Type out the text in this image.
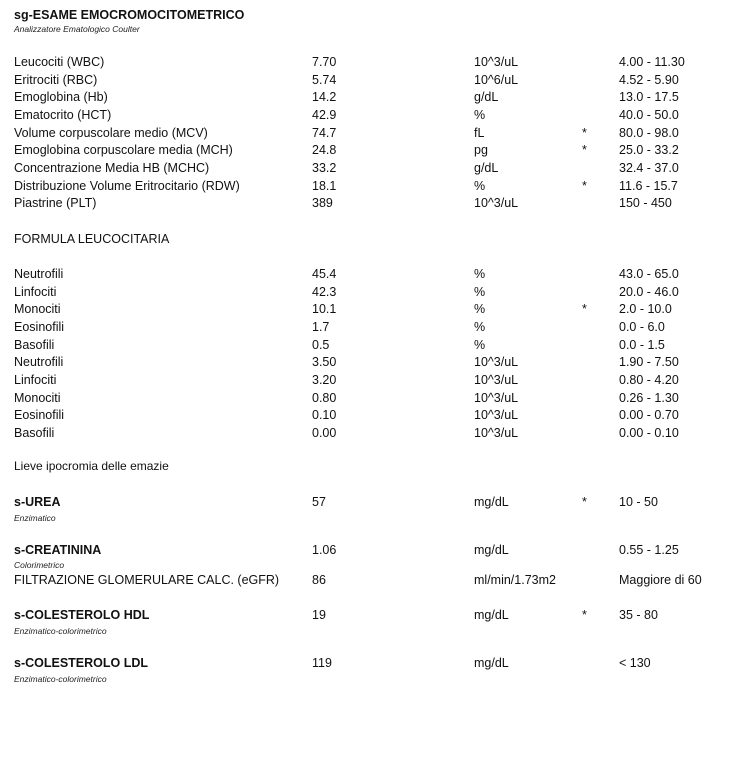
sg-ESAME EMOCROMOCITOMETRICO
Analizzatore Ematologico Coulter
Leucociti (WBC)	7.70	10^3/uL	4.00 - 11.30
Eritrociti (RBC)	5.74	10^6/uL	4.52 - 5.90
Emoglobina (Hb)	14.2	g/dL	13.0 - 17.5
Ematocrito (HCT)	42.9	%	40.0 - 50.0
Volume corpuscolare medio (MCV)	74.7	fL	*	80.0 - 98.0
Emoglobina corpuscolare media (MCH)	24.8	pg	*	25.0 - 33.2
Concentrazione Media HB (MCHC)	33.2	g/dL	32.4 - 37.0
Distribuzione Volume Eritrocitario (RDW)	18.1	%	*	11.6 - 15.7
Piastrine (PLT)	389	10^3/uL	150 - 450
FORMULA LEUCOCITARIA
Neutrofili	45.4	%	43.0 - 65.0
Linfociti	42.3	%	20.0 - 46.0
Monociti	10.1	%	*	2.0 - 10.0
Eosinofili	1.7	%	0.0 - 6.0
Basofili	0.5	%	0.0 - 1.5
Neutrofili	3.50	10^3/uL	1.90 - 7.50
Linfociti	3.20	10^3/uL	0.80 - 4.20
Monociti	0.80	10^3/uL	0.26 - 1.30
Eosinofili	0.10	10^3/uL	0.00 - 0.70
Basofili	0.00	10^3/uL	0.00 - 0.10
Lieve ipocromia delle emazie
s-UREA	57	mg/dL	*	10 - 50
Enzimatico
s-CREATININA	1.06	mg/dL	0.55 - 1.25
Colorimetrico
FILTRAZIONE GLOMERULARE CALC. (eGFR)	86	ml/min/1.73m2	Maggiore di 60
s-COLESTEROLO HDL	19	mg/dL	*	35 - 80
Enzimatico-colorimetrico
s-COLESTEROLO LDL	119	mg/dL	< 130
Enzimatico-colorimetrico
